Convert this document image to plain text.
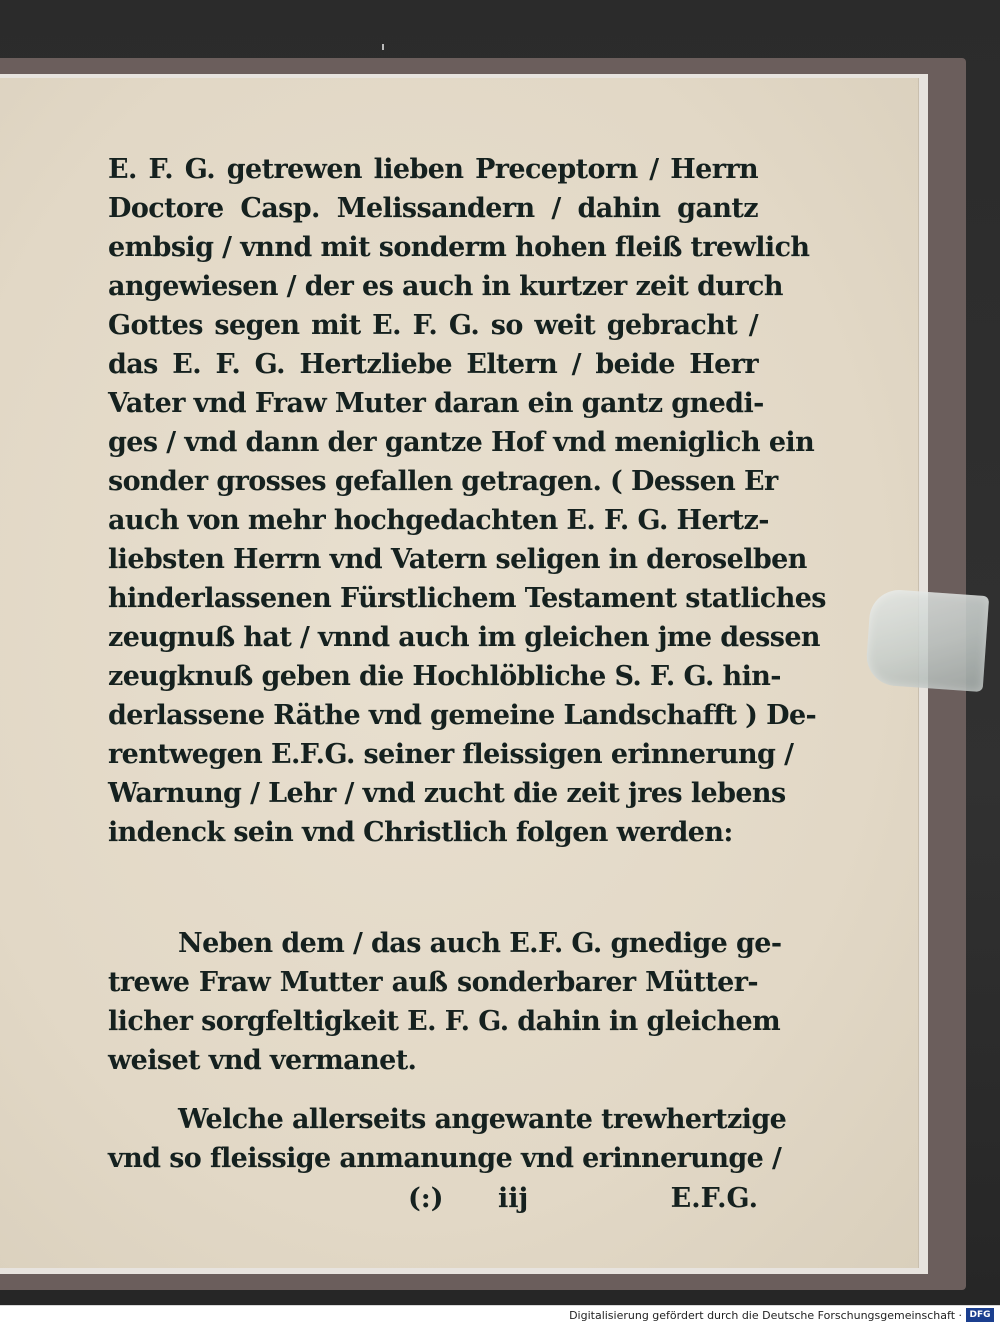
E. F. G. getrewen lieben Preceptorn / Herrn
Doctore Casp. Melissandern / dahin gantz
embsig / vnnd mit sonderm hohen fleiß trewlich
angewiesen / der es auch in kurtzer zeit durch
Gottes segen mit E. F. G. so weit gebracht /
das E. F. G. Hertzliebe Eltern / beide Herr
Vater vnd Fraw Muter daran ein gantz gnedi-
ges / vnd dann der gantze Hof vnd meniglich ein
sonder grosses gefallen getragen. ( Dessen Er
auch von mehr hochgedachten E. F. G. Hertz-
liebsten Herrn vnd Vatern seligen in deroselben
hinderlassenen Fürstlichem Testament statliches
zeugnuß hat / vnnd auch im gleichen jme dessen
zeugknuß geben die Hochlöbliche S. F. G. hin-
derlassene Räthe vnd gemeine Landschafft ) De-
rentwegen E.F.G. seiner fleissigen erinnerung /
Warnung / Lehr / vnd zucht die zeit jres lebens
indenck sein vnd Christlich folgen werden:
Neben dem / das auch E.F. G. gnedige ge-
trewe Fraw Mutter auß sonderbarer Mütter-
licher sorgfeltigkeit E. F. G. dahin in gleichem
weiset vnd vermanet.
Welche allerseits angewante trewhertzige
vnd so fleissige anmanunge vnd erinnerunge /
(:) iij	E.F.G.
Digitalisierung gefördert durch die Deutsche Forschungsgemeinschaft · DFG
